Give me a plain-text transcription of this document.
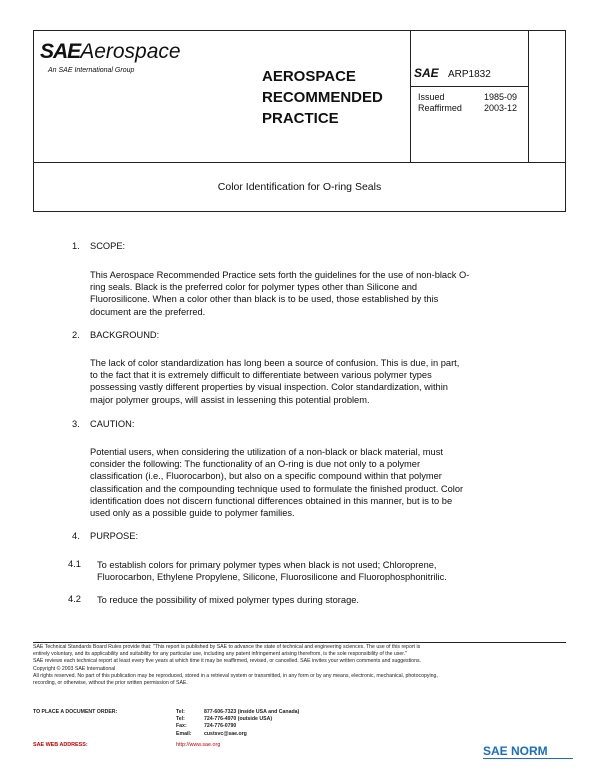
SAEAerospace
An SAE International Group	AEROSPACE
RECOMMENDED
PRACTICE
SAE ARP1832
Issued	1985-09
Reaffirmed 2003-12
Color Identification for O-ring Seals
1. SCOPE:
This Aerospace Recommended Practice sets forth the guidelines for the use of non-black O-
ring seals. Black is the preferred color for polymer types other than Silicone and
Fluorosilicone. When a color other than black is to be used, those established by this
document are the preferred.
2. BACKGROUND:
The lack of color standardization has long been a source of confusion. This is due, in part,
to the fact that it is extremely difficult to differentiate between various polymer types
possessing vastly different properties by visual inspection. Color standardization, within
major polymer groups, will assist in lessening this potential problem.
3. CAUTION:
Potential users, when considering the utilization of a non-black or black material, must
consider the following: The functionality of an O-ring is due not only to a polymer
classification (i.e., Fluorocarbon), but also on a specific compound within that polymer
classification and the compounding technique used to formulate the finished product. Color
identification does not discern functional differences obtained in this manner, but is to be
used only as a possible guide to polymer families.
4. PURPOSE:
4.1 To establish colors for primary polymer types when black is not used; Chloroprene,
Fluorocarbon, Ethylene Propylene, Silicone, Fluorosilicone and Fluorophosphonitrilic.
4.2 To reduce the possibility of mixed polymer types during storage.
SAE Technical Standards Board Rules provide that: "This report is published by SAE to advance the state of technical and engineering sciences. The use of this report is
entirely voluntary, and its applicability and suitability for any particular use, including any patent infringement arising therefrom, is the sole responsibility of the user."
SAE reviews each technical report at least every five years at which time it may be reaffirmed, revised, or cancelled. SAE invites your written comments and suggestions.
Copyright © 2003 SAE International
All rights reserved. No part of this publication may be reproduced, stored in a retrieval system or transmitted, in any form or by any means, electronic, mechanical, photocopying,
recording, or otherwise, without the prior written permission of SAE.
TO PLACE A DOCUMENT ORDER:	Tel:	877-606-7323 (inside USA and Canada)
Tel:	724-776-4970 (outside USA)
Fax:	724-776-0790
Email:	custsvc@sae.org
SAE WEB ADDRESS:	http://www.sae.org	SAE NORM
